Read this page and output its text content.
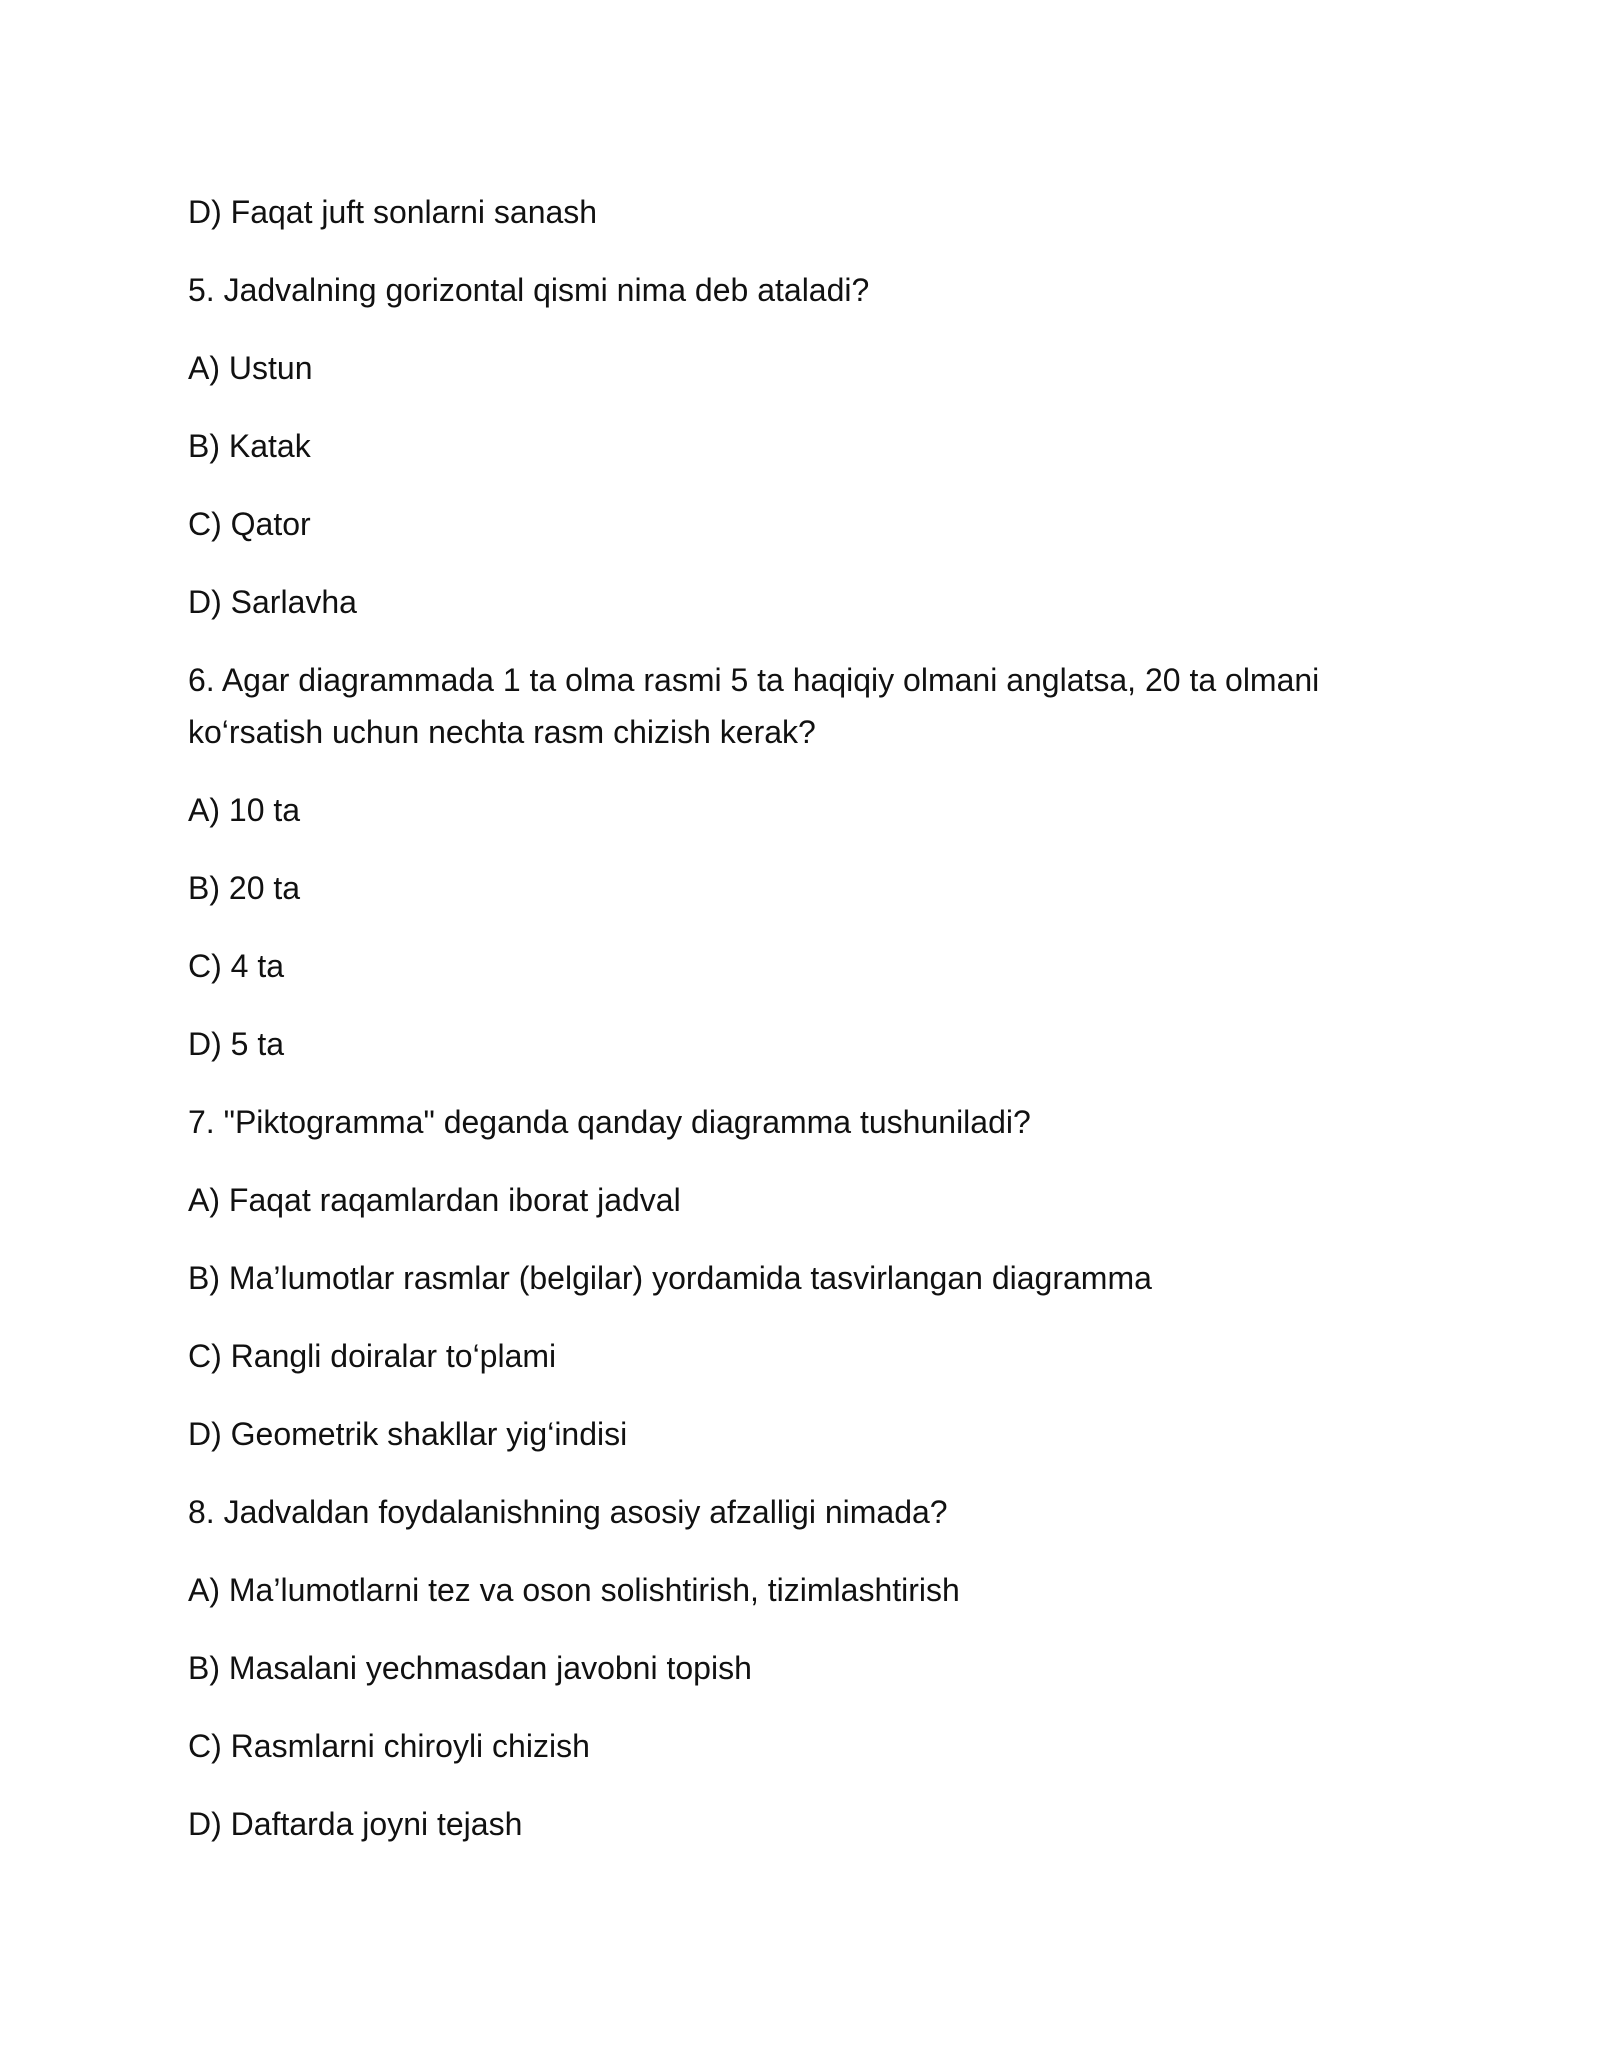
D) Faqat juft sonlarni sanash

5. Jadvalning gorizontal qismi nima deb ataladi?

A) Ustun

B) Katak

C) Qator

D) Sarlavha

6. Agar diagrammada 1 ta olma rasmi 5 ta haqiqiy olmani anglatsa, 20 ta olmani ko‘rsatish uchun nechta rasm chizish kerak?

A) 10 ta

B) 20 ta

C) 4 ta

D) 5 ta

7. "Piktogramma" deganda qanday diagramma tushuniladi?

A) Faqat raqamlardan iborat jadval

B) Ma’lumotlar rasmlar (belgilar) yordamida tasvirlangan diagramma

C) Rangli doiralar to‘plami

D) Geometrik shakllar yig‘indisi

8. Jadvaldan foydalanishning asosiy afzalligi nimada?

A) Ma’lumotlarni tez va oson solishtirish, tizimlashtirish

B) Masalani yechmasdan javobni topish

C) Rasmlarni chiroyli chizish

D) Daftarda joyni tejash
